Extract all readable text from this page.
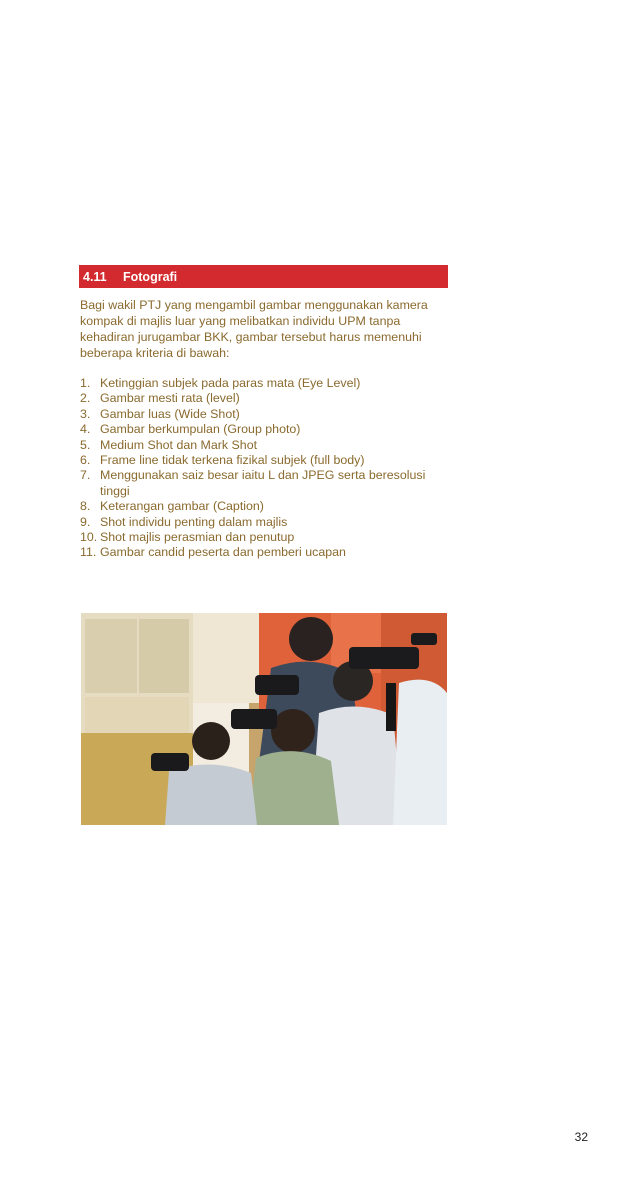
4.11	Fotografi

Bagi wakil PTJ yang mengambil gambar menggunakan kamera kompak di majlis luar yang melibatkan individu UPM tanpa kehadiran jurugambar BKK, gambar tersebut harus memenuhi beberapa kriteria di bawah:

1. Ketinggian subjek pada paras mata (Eye Level)
2. Gambar mesti rata (level)
3. Gambar luas (Wide Shot)
4. Gambar berkumpulan (Group photo)
5. Medium Shot dan Mark Shot
6. Frame line tidak terkena fizikal subjek (full body)
7. Menggunakan saiz besar iaitu L dan JPEG serta beresolusi tinggi
8. Keterangan gambar (Caption)
9. Shot individu penting dalam majlis
10. Shot majlis perasmian dan penutup
11. Gambar candid peserta dan pemberi ucapan
32
